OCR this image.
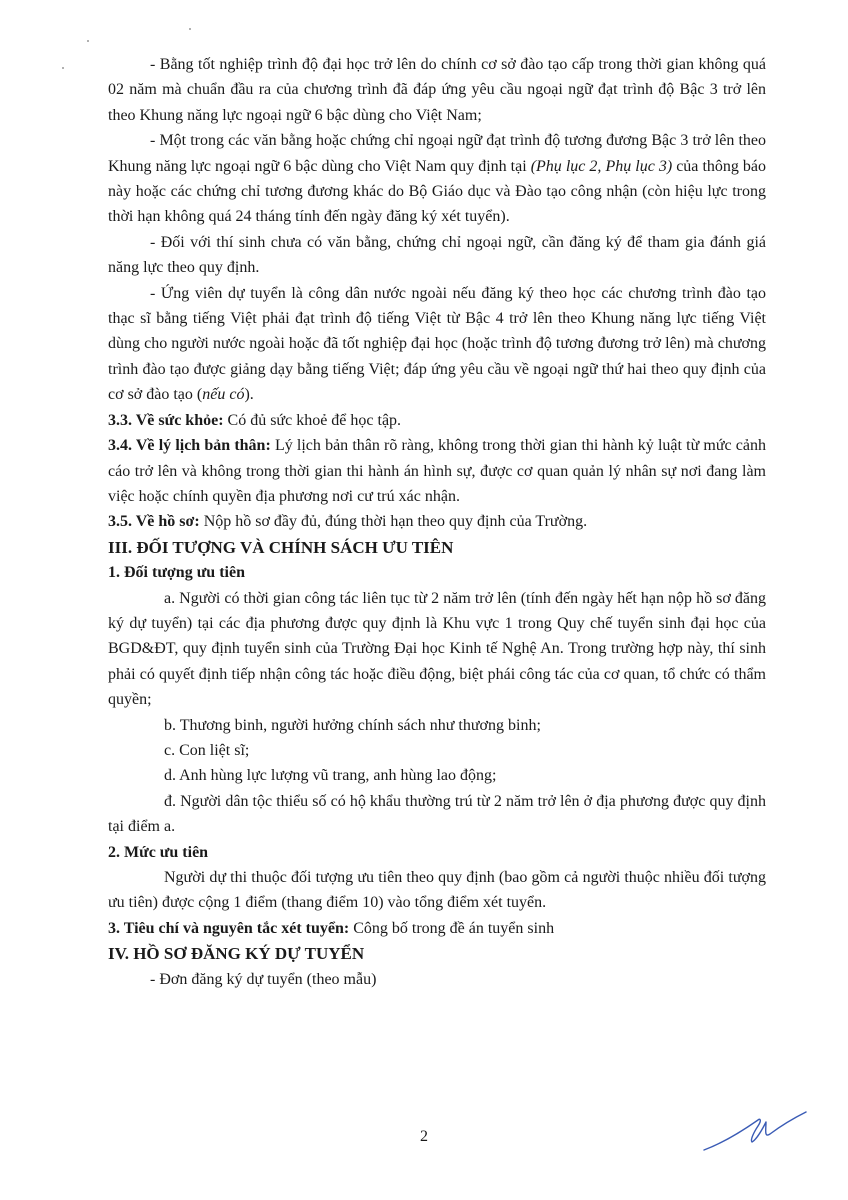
- Bằng tốt nghiệp trình độ đại học trở lên do chính cơ sở đào tạo cấp trong thời gian không quá 02 năm mà chuẩn đầu ra của chương trình đã đáp ứng yêu cầu ngoại ngữ đạt trình độ Bậc 3 trở lên theo Khung năng lực ngoại ngữ 6 bậc dùng cho Việt Nam;

- Một trong các văn bằng hoặc chứng chỉ ngoại ngữ đạt trình độ tương đương Bậc 3 trở lên theo Khung năng lực ngoại ngữ 6 bậc dùng cho Việt Nam quy định tại (Phụ lục 2, Phụ lục 3) của thông báo này hoặc các chứng chỉ tương đương khác do Bộ Giáo dục và Đào tạo công nhận (còn hiệu lực trong thời hạn không quá 24 tháng tính đến ngày đăng ký xét tuyển).

- Đối với thí sinh chưa có văn bằng, chứng chỉ ngoại ngữ, cần đăng ký để tham gia đánh giá năng lực theo quy định.

- Ứng viên dự tuyển là công dân nước ngoài nếu đăng ký theo học các chương trình đào tạo thạc sĩ bằng tiếng Việt phải đạt trình độ tiếng Việt từ Bậc 4 trở lên theo Khung năng lực tiếng Việt dùng cho người nước ngoài hoặc đã tốt nghiệp đại học (hoặc trình độ tương đương trở lên) mà chương trình đào tạo được giảng dạy bằng tiếng Việt; đáp ứng yêu cầu về ngoại ngữ thứ hai theo quy định của cơ sở đào tạo (nếu có).

3.3. Về sức khỏe: Có đủ sức khoẻ để học tập.

3.4. Về lý lịch bản thân: Lý lịch bản thân rõ ràng, không trong thời gian thi hành kỷ luật từ mức cảnh cáo trở lên và không trong thời gian thi hành án hình sự, được cơ quan quản lý nhân sự nơi đang làm việc hoặc chính quyền địa phương nơi cư trú xác nhận.

3.5. Về hồ sơ: Nộp hồ sơ đầy đủ, đúng thời hạn theo quy định của Trường.

III. ĐỐI TƯỢNG VÀ CHÍNH SÁCH ƯU TIÊN

1. Đối tượng ưu tiên

a. Người có thời gian công tác liên tục từ 2 năm trở lên (tính đến ngày hết hạn nộp hồ sơ đăng ký dự tuyển) tại các địa phương được quy định là Khu vực 1 trong Quy chế tuyển sinh đại học của BGD&ĐT, quy định tuyển sinh của Trường Đại học Kinh tế Nghệ An. Trong trường hợp này, thí sinh phải có quyết định tiếp nhận công tác hoặc điều động, biệt phái công tác của cơ quan, tổ chức có thẩm quyền;

b. Thương binh, người hưởng chính sách như thương binh;

c. Con liệt sĩ;

d. Anh hùng lực lượng vũ trang, anh hùng lao động;

đ. Người dân tộc thiểu số có hộ khẩu thường trú từ 2 năm trở lên ở địa phương được quy định tại điểm a.

2. Mức ưu tiên

Người dự thi thuộc đối tượng ưu tiên theo quy định (bao gồm cả người thuộc nhiều đối tượng ưu tiên) được cộng 1 điểm (thang điểm 10) vào tổng điểm xét tuyển.

3. Tiêu chí và nguyên tắc xét tuyển: Công bố trong đề án tuyển sinh

IV. HỒ SƠ ĐĂNG KÝ DỰ TUYỂN

- Đơn đăng ký dự tuyển (theo mẫu)

2
